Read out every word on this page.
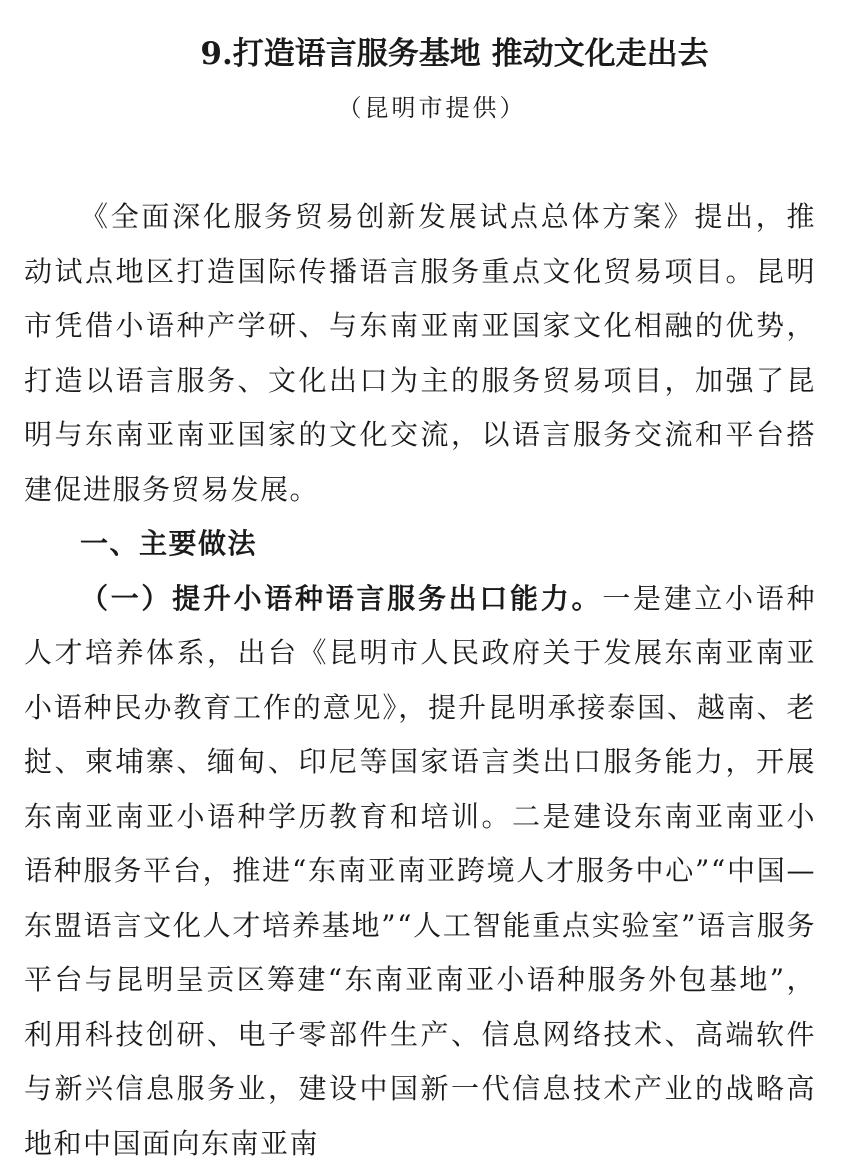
9.打造语言服务基地 推动文化走出去
（昆明市提供）

《全面深化服务贸易创新发展试点总体方案》提出，推动试点地区打造国际传播语言服务重点文化贸易项目。昆明市凭借小语种产学研、与东南亚南亚国家文化相融的优势，打造以语言服务、文化出口为主的服务贸易项目，加强了昆明与东南亚南亚国家的文化交流，以语言服务交流和平台搭建促进服务贸易发展。

一、主要做法

（一）提升小语种语言服务出口能力。一是建立小语种人才培养体系，出台《昆明市人民政府关于发展东南亚南亚小语种民办教育工作的意见》，提升昆明承接泰国、越南、老挝、柬埔寨、缅甸、印尼等国家语言类出口服务能力，开展东南亚南亚小语种学历教育和培训。二是建设东南亚南亚小语种服务平台，推进“东南亚南亚跨境人才服务中心”“中国—东盟语言文化人才培养基地”“人工智能重点实验室”语言服务平台与昆明呈贡区筹建“东南亚南亚小语种服务外包基地”，利用科技创研、电子零部件生产、信息网络技术、高端软件与新兴信息服务业，建设中国新一代信息技术产业的战略高地和中国面向东南亚南
